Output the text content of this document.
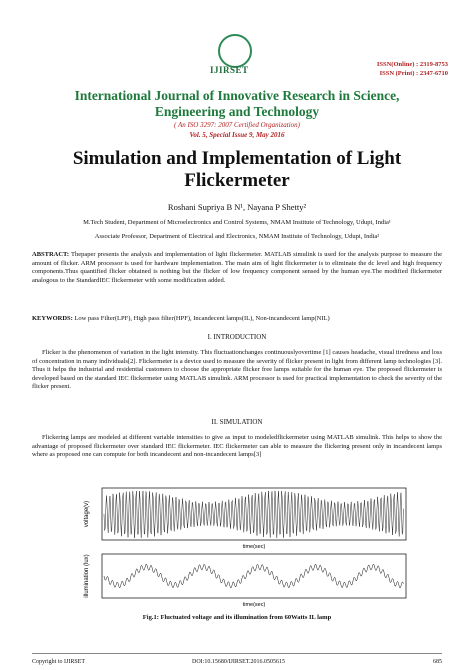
IJIRSET
ISSN(Online) : 2319-8753
ISSN (Print) : 2347-6710
International Journal of Innovative Research in Science,
Engineering and Technology
( An ISO 3297: 2007 Certified Organization)
Vol. 5, Special Issue 9, May 2016
Simulation and Implementation of Light
Flickermeter
Roshani Supriya B N¹, Nayana P Shetty²
M.Tech Student, Department of Microelectronics and Control Systems, NMAM Institute of Technology, Udupi, India¹
Associate Professor, Department of Electrical and Electronics, NMAM Institute of Technology, Udupi, India²
ABSTRACT: Thepaper presents the analysis and implementation of light flickermeter. MATLAB simulink is used for the analysis purpose to measure the amount of flicker. ARM processor is used for hardware implementation. The main aim of light flickermeter is to eliminate the dc level and high frequency components.Thus quantified flicker obtained is nothing but the flicker of low frequency component sensed by the human eye.The modified flickermeter analogous to the StandardIEC flickermeter with some modification added.
KEYWORDS: Low pass Filter(LPF), High pass filter(HPF), Incandecent lamps(IL), Non-incandecent lamp(NIL)
I. INTRODUCTION
Flicker is the phenomenon of variation in the light intensity. This fluctuationchanges continuouslyovertime [1] causes headache, visual tiredness and loss of concentration in many individuals[2]. Flickermeter is a device used to measure the severity of flicker present in light from different lamp technologies [3]. Thus it helps the industrial and residential customers to choose the appropriate flicker free lamps suitable for the human eye. The proposed flickermeter is developed based on the standard IEC flickermeter using MATLAB simulink. ARM processor is used for practical implementation to check the severity of the flicker present.
II. SIMULATION
Flickering lamps are modeled at different variable intensities to give as input to modeledflickermeter using MATLAB simulink. This helps to show the advantage of proposed flickermeter over standard IEC flickermeter. IEC flickermeter can able to measure the flickering present only in incandecent lamps where as proposed one can compute for both incandecent and non-incandecent lamps[3]
voltage(v)
time(sec)
illumination (lux)
time(sec)
Fig.1: Fluctuated voltage and its illumination from 60Watts IL lamp
Copyright to IJIRSET	DOI:10.15680/IJIRSET.2016.0505615	685
